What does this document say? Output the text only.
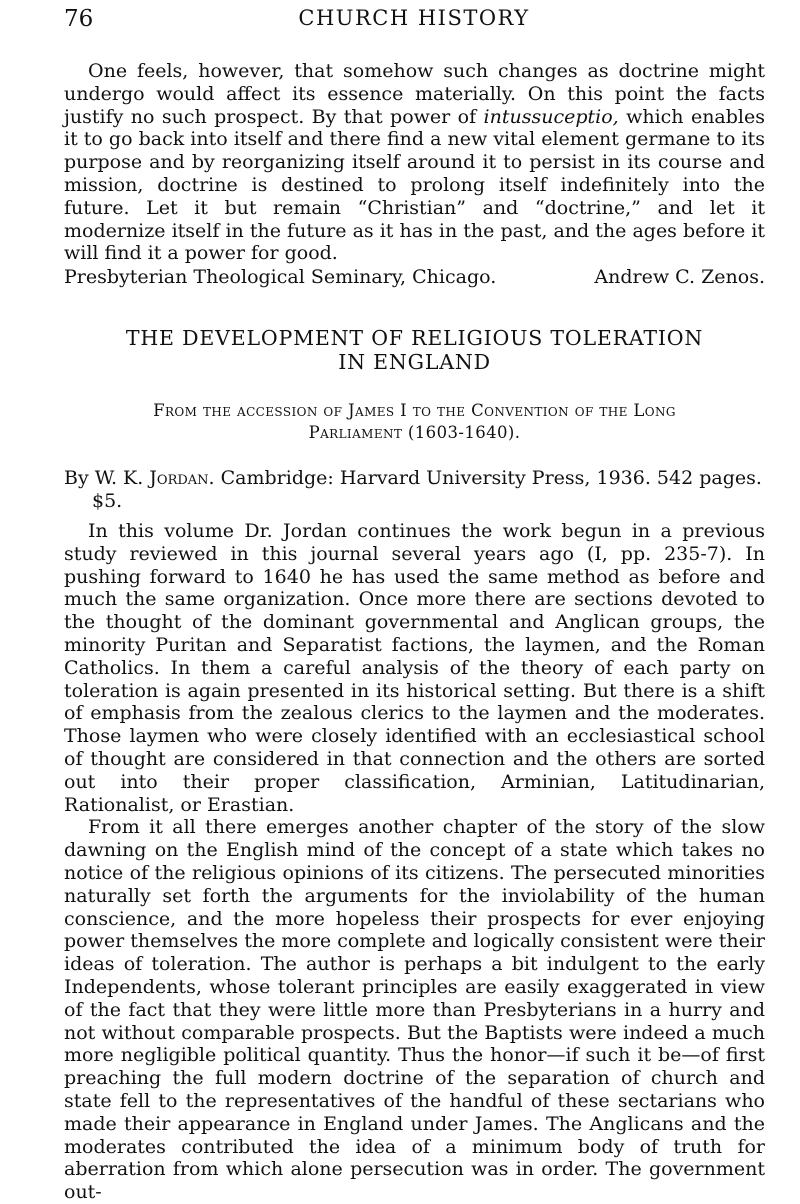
76	CHURCH HISTORY

One feels, however, that somehow such changes as doctrine might undergo would affect its essence materially. On this point the facts justify no such prospect. By that power of intussuceptio, which enables it to go back into itself and there find a new vital element germane to its purpose and by reorganizing itself around it to persist in its course and mission, doctrine is destined to prolong itself indefinitely into the future. Let it but remain “Christian” and “doctrine,” and let it modernize itself in the future as it has in the past, and the ages before it will find it a power for good.

Presbyterian Theological Seminary, Chicago.	Andrew C. Zenos.
THE DEVELOPMENT OF RELIGIOUS TOLERATION
IN ENGLAND
From the accession of James I to the Convention of the Long
Parliament (1603-1640).
By W. K. Jordan. Cambridge: Harvard University Press, 1936. 542 pages. $5.

In this volume Dr. Jordan continues the work begun in a previous study reviewed in this journal several years ago (I, pp. 235-7). In pushing forward to 1640 he has used the same method as before and much the same organization. Once more there are sections devoted to the thought of the dominant governmental and Anglican groups, the minority Puritan and Separatist factions, the laymen, and the Roman Catholics. In them a careful analysis of the theory of each party on toleration is again presented in its historical setting. But there is a shift of emphasis from the zealous clerics to the laymen and the moderates. Those laymen who were closely identified with an ecclesiastical school of thought are considered in that connection and the others are sorted out into their proper classification, Arminian, Latitudinarian, Rationalist, or Erastian.

From it all there emerges another chapter of the story of the slow dawning on the English mind of the concept of a state which takes no notice of the religious opinions of its citizens. The persecuted minorities naturally set forth the arguments for the inviolability of the human conscience, and the more hopeless their prospects for ever enjoying power themselves the more complete and logically consistent were their ideas of toleration. The author is perhaps a bit indulgent to the early Independents, whose tolerant principles are easily exaggerated in view of the fact that they were little more than Presbyterians in a hurry and not without comparable prospects. But the Baptists were indeed a much more negligible political quantity. Thus the honor—if such it be—of first preaching the full modern doctrine of the separation of church and state fell to the representatives of the handful of these sectarians who made their appearance in England under James. The Anglicans and the moderates contributed the idea of a minimum body of truth for aberration from which alone persecution was in order. The government out-
